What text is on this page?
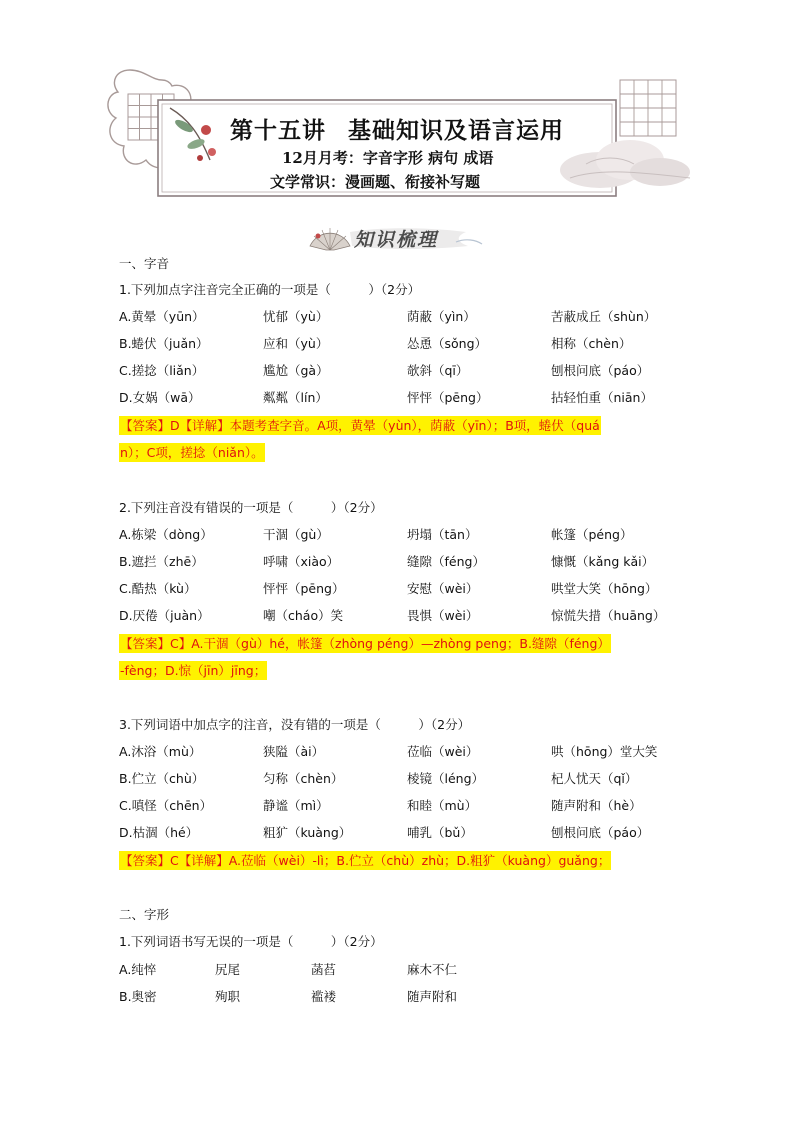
第十五讲 基础知识及语言运用
12月月考：字音字形 病句 成语
文学常识：漫画题、衔接补写题
知识梳理
一、字音
1.下列加点字注音完全正确的一项是（　　　）（2分）
A.黄晕（yūn）	忧郁（yù）	荫蔽（yìn）	苦蔽成丘（shùn）
B.蜷伏（juǎn）	应和（yù）	怂恿（sǒng）	相称（chèn）
C.搓捻（liǎn）	尴尬（gà）	欹斜（qī）	刨根问底（páo）
D.女娲（wā）	粼粼（lín）	怦怦（pēng）	拈轻怕重（niān）
【答案】D【详解】本题考查字音。A项，黄晕（yùn），荫蔽（yīn）；B项，蜷伏（quá
n）；C项，搓捻（niǎn）。
2.下列注音没有错误的一项是（　　　）（2分）
A.栋梁（dòng）	干涸（gù）	坍塌（tān）	帐篷（péng）
B.遮拦（zhē）	呼啸（xiào）	缝隙（féng）	慷慨（kǎng kǎi）
C.酷热（kù）	怦怦（pēng）	安慰（wèi）	哄堂大笑（hōng）
D.厌倦（juàn）	嘲（cháo）笑	畏惧（wèi）	惊慌失措（huāng）
【答案】C】A.干涸（gù）hé，帐篷（zhòng péng）—zhòng peng；B.缝隙（féng）
-fèng；D.惊（jīn）jīng；
3.下列词语中加点字的注音，没有错的一项是（　　　）（2分）
A.沐浴（mù）	狭隘（ài）	莅临（wèi）	哄（hōng）堂大笑
B.伫立（chù）	匀称（chèn）	棱镜（léng）	杞人忧天（qǐ）
C.嗔怪（chēn）	静谧（mì）	和睦（mù）	随声附和（hè）
D.枯涸（hé）	粗犷（kuàng）	哺乳（bǔ）	刨根问底（páo）
【答案】C【详解】A.莅临（wèi）-lì；B.伫立（chù）zhù；D.粗犷（kuàng）guǎng；
二、字形
1.下列词语书写无误的一项是（　　　）（2分）
A.纯悴	尻尾	菡萏	麻木不仁
B.奥密	殉职	褴褛	随声附和
